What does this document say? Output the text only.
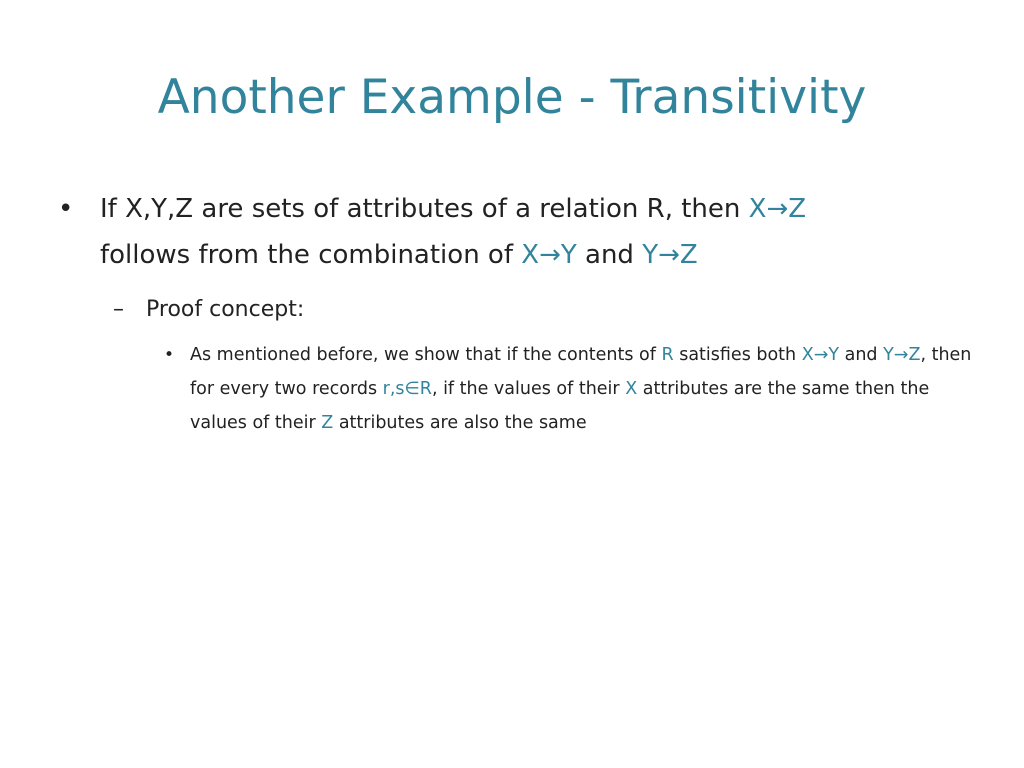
Another Example - Transitivity
• If X,Y,Z are sets of attributes of a relation R, then X→Z
follows from the combination of X→Y and Y→Z
– Proof concept:
• As mentioned before, we show that if the contents of R satisfies both X→Y and Y→Z, then for every two records r,s∈R, if the values of their X attributes are the same then the values of their Z attributes are also the same
